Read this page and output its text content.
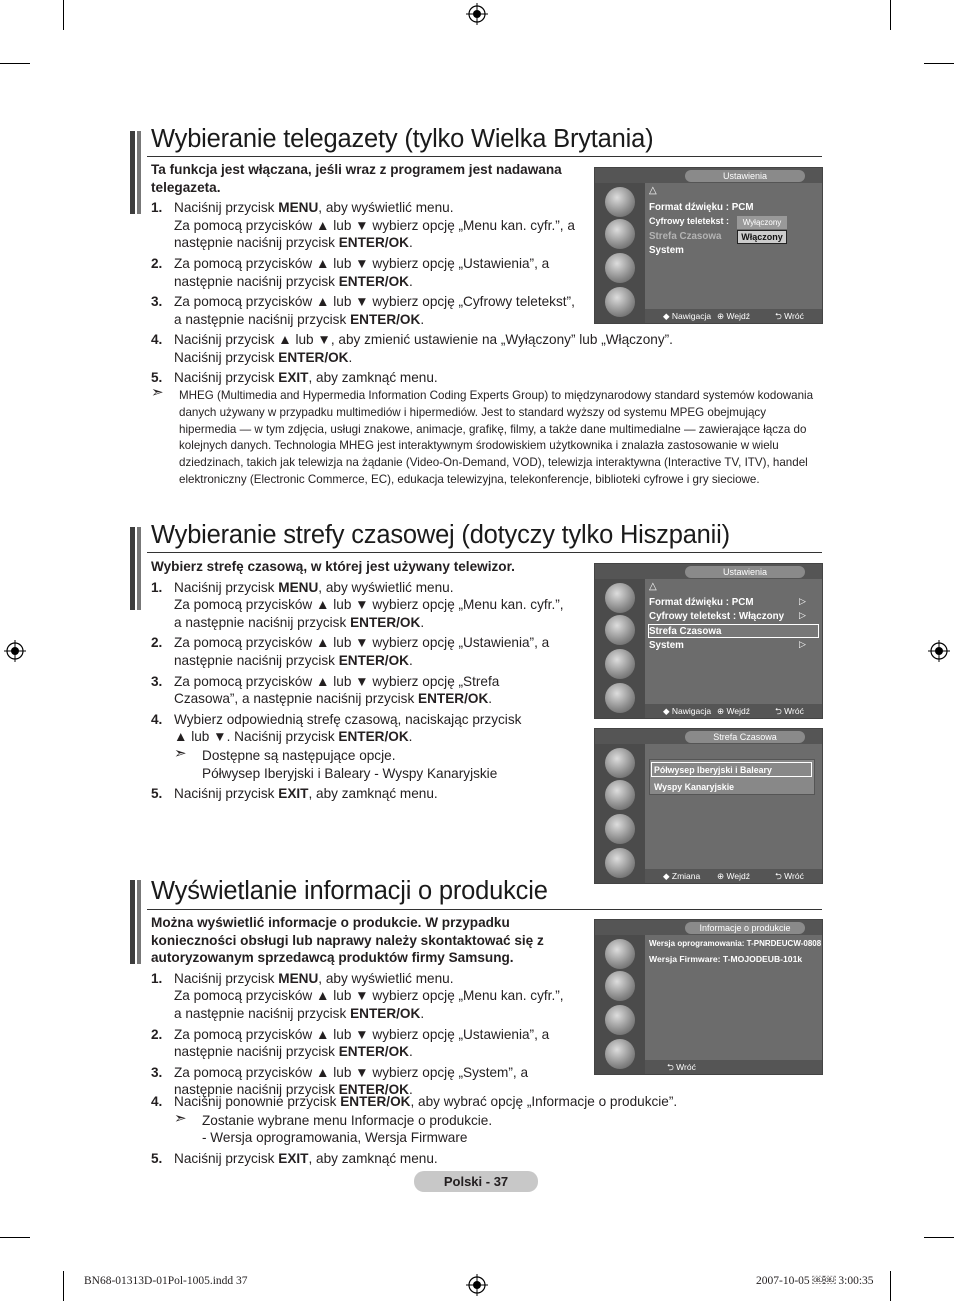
Wybieranie telegazety (tylko Wielka Brytania)
Ta funkcja jest włączana, jeśli wraz z programem jest nadawana telegazeta.
1. Naciśnij przycisk MENU, aby wyświetlić menu.
Za pomocą przycisków ▲ lub ▼ wybierz opcję „Menu kan. cyfr.”, a
następnie naciśnij przycisk ENTER/OK.
2. Za pomocą przycisków ▲ lub ▼ wybierz opcję „Ustawienia”, a
następnie naciśnij przycisk ENTER/OK.
3. Za pomocą przycisków ▲ lub ▼ wybierz opcję „Cyfrowy teletekst”,
a następnie naciśnij przycisk ENTER/OK.
4. Naciśnij przycisk ▲ lub ▼, aby zmienić ustawienie na „Wyłączony” lub „Włączony”.
Naciśnij przycisk ENTER/OK.
5. Naciśnij przycisk EXIT, aby zamknąć menu.
➣	MHEG (Multimedia and Hypermedia Information Coding Experts Group) to międzynarodowy standard systemów kodowania danych używany w przypadku multimediów i hipermediów. Jest to standard wyższy od systemu MPEG obejmujący hipermedia — w tym zdjęcia, usługi znakowe, animacje, grafikę, filmy, a także dane multimedialne — zawierające łącza do kolejnych danych. Technologia MHEG jest interaktywnym środowiskiem użytkownika i znalazła zastosowanie w wielu dziedzinach, takich jak telewizja na żądanie (Video-On-Demand, VOD), telewizja interaktywna (Interactive TV, ITV), handel elektroniczny (Electronic Commerce, EC), edukacja telewizyjna, telekonferencje, biblioteki cyfrowe i gry sieciowe.
Ustawienia
△
Format dźwięku : PCM
Cyfrowy teletekst :
Strefa Czasowa
System
Wyłączony
Włączony
◆ Nawigacja ⊕ Wejdź	⮌ Wróć
Wybieranie strefy czasowej (dotyczy tylko Hiszpanii)
Wybierz strefę czasową, w której jest używany telewizor.
1. Naciśnij przycisk MENU, aby wyświetlić menu.
Za pomocą przycisków ▲ lub ▼ wybierz opcję „Menu kan. cyfr.”,
a następnie naciśnij przycisk ENTER/OK.
2. Za pomocą przycisków ▲ lub ▼ wybierz opcję „Ustawienia”, a
następnie naciśnij przycisk ENTER/OK.
3. Za pomocą przycisków ▲ lub ▼ wybierz opcję „Strefa
Czasowa”, a następnie naciśnij przycisk ENTER/OK.
4. Wybierz odpowiednią strefę czasową, naciskając przycisk
▲ lub ▼. Naciśnij przycisk ENTER/OK.
➣ Dostępne są następujące opcje.
Półwysep Iberyjski i Baleary - Wyspy Kanaryjskie
5. Naciśnij przycisk EXIT, aby zamknąć menu.
Ustawienia
△
Format dźwięku : PCM
Cyfrowy teletekst : Włączony
Strefa Czasowa
System
▷
▷
▷
◆ Nawigacja ⊕ Wejdź	⮌ Wróć
Strefa Czasowa
Półwysep Iberyjski i Baleary
Wyspy Kanaryjskie
◆ Zmiana ⊕ Wejdź	⮌ Wróć
Wyświetlanie informacji o produkcie
Można wyświetlić informacje o produkcie. W przypadku konieczności obsługi lub naprawy należy skontaktować się z autoryzowanym sprzedawcą produktów firmy Samsung.
1. Naciśnij przycisk MENU, aby wyświetlić menu.
Za pomocą przycisków ▲ lub ▼ wybierz opcję „Menu kan. cyfr.”,
a następnie naciśnij przycisk ENTER/OK.
2. Za pomocą przycisków ▲ lub ▼ wybierz opcję „Ustawienia”, a
następnie naciśnij przycisk ENTER/OK.
3. Za pomocą przycisków ▲ lub ▼ wybierz opcję „System”, a
następnie naciśnij przycisk ENTER/OK.
4. Naciśnij ponownie przycisk ENTER/OK, aby wybrać opcję „Informacje o produkcie”.
➣ Zostanie wybrane menu Informacje o produkcie.
- Wersja oprogramowania, Wersja Firmware
5. Naciśnij przycisk EXIT, aby zamknąć menu.
Informacje o produkcie
Wersja oprogramowania: T-PNRDEUCW-0808
Wersja Firmware: T-MOJODEUB-101k
⮌ Wróć
Polski - 37
BN68-01313D-01Pol-1005.indd 37	2007-10-05 ￼￼ 3:00:35
